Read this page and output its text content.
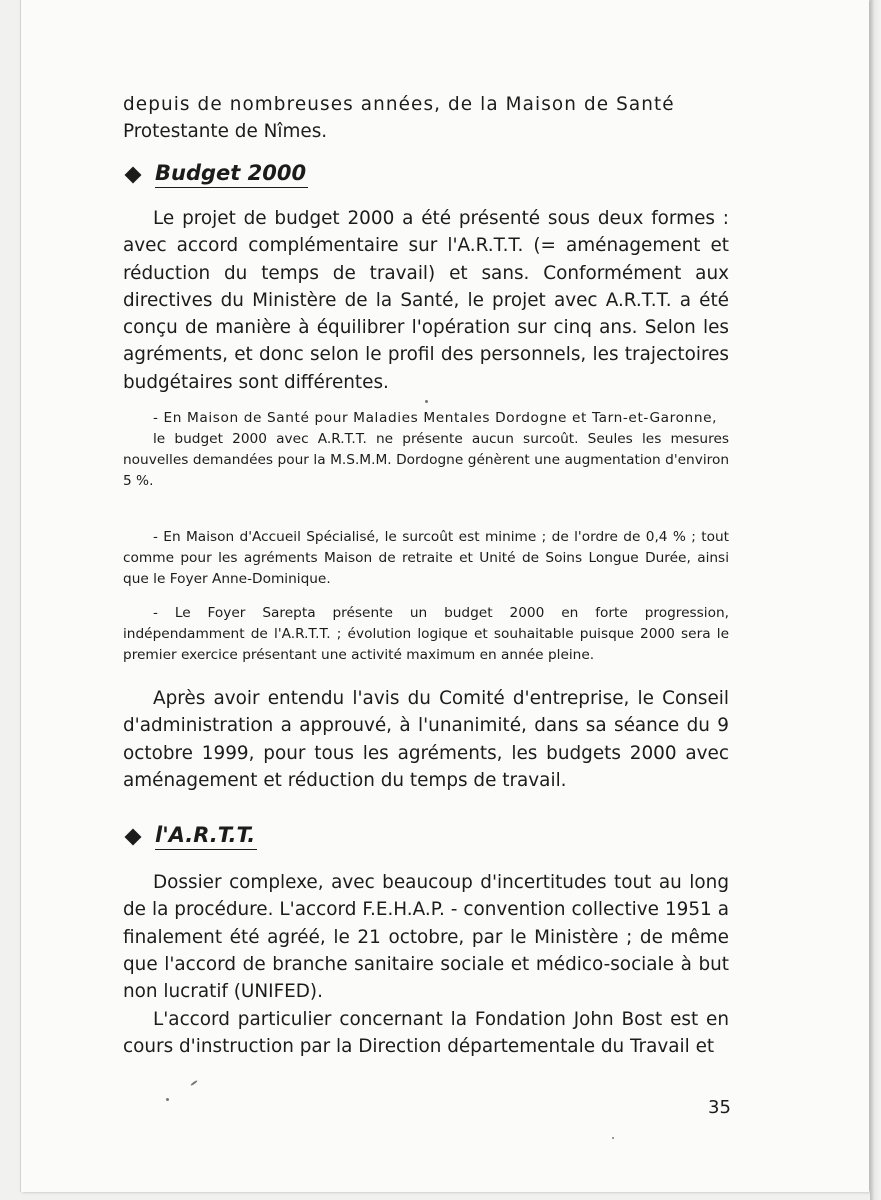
depuis de nombreuses années, de la Maison de Santé

Protestante de Nîmes.

Budget 2000

Le projet de budget 2000 a été présenté sous deux formes : avec accord complémentaire sur l'A.R.T.T. (= aménagement et réduction du temps de travail) et sans. Conformément aux directives du Ministère de la Santé, le projet avec A.R.T.T. a été conçu de manière à équilibrer l'opération sur cinq ans. Selon les agréments, et donc selon le profil des personnels, les trajectoires budgétaires sont différentes.

- En Maison de Santé pour Maladies Mentales Dordogne et Tarn-et-Garonne,

le budget 2000 avec A.R.T.T. ne présente aucun surcoût. Seules les mesures nouvelles demandées pour la M.S.M.M. Dordogne génèrent une augmentation d'environ 5 %.

- En Maison d'Accueil Spécialisé, le surcoût est minime ; de l'ordre de 0,4 % ; tout comme pour les agréments Maison de retraite et Unité de Soins Longue Durée, ainsi que le Foyer Anne-Dominique.

- Le Foyer Sarepta présente un budget 2000 en forte progression, indépendamment de l'A.R.T.T. ; évolution logique et souhaitable puisque 2000 sera le premier exercice présentant une activité maximum en année pleine.

Après avoir entendu l'avis du Comité d'entreprise, le Conseil d'administration a approuvé, à l'unanimité, dans sa séance du 9 octobre 1999, pour tous les agréments, les budgets 2000 avec aménagement et réduction du temps de travail.

l'A.R.T.T.

Dossier complexe, avec beaucoup d'incertitudes tout au long de la procédure. L'accord F.E.H.A.P. - convention collective 1951 a finalement été agréé, le 21 octobre, par le Ministère ; de même que l'accord de branche sanitaire sociale et médico-sociale à but non lucratif (UNIFED).

L'accord particulier concernant la Fondation John Bost est en cours d'instruction par la Direction départementale du Travail et

35
